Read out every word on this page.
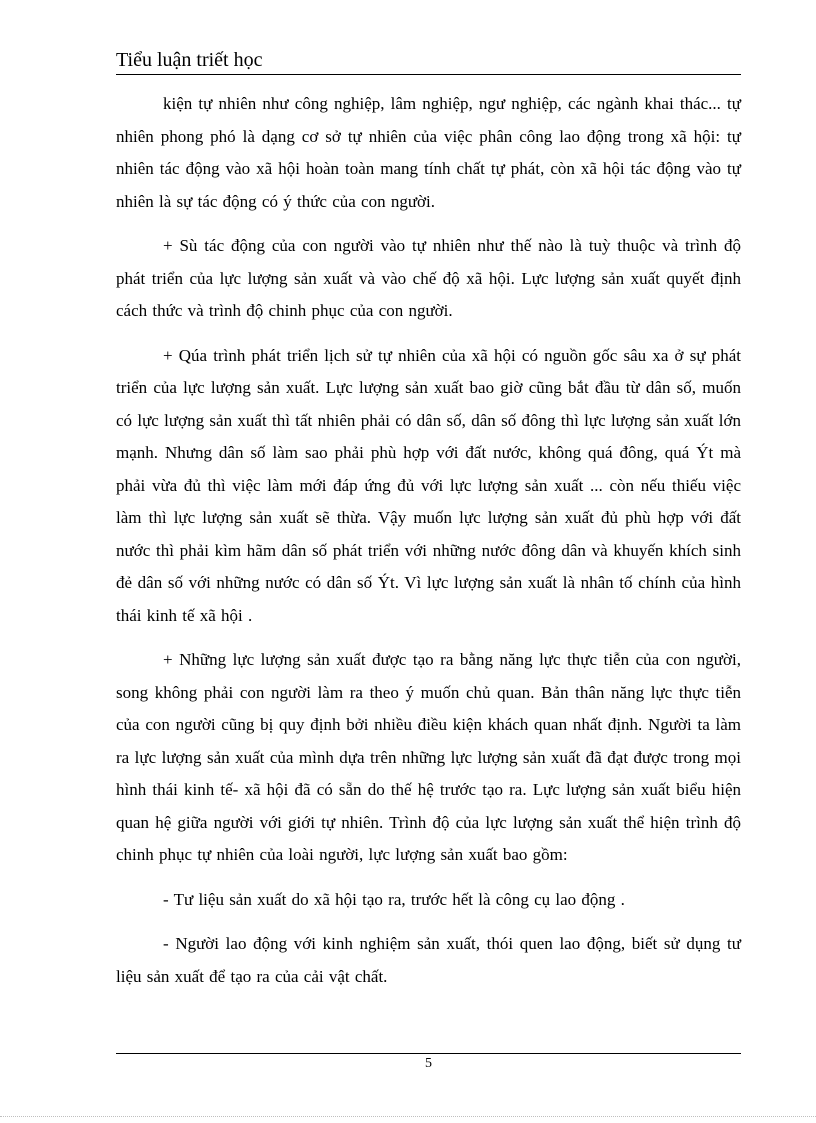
Tiểu luận triết học

kiện tự nhiên như công nghiệp, lâm nghiệp, ngư nghiệp, các ngành khai thác... tự nhiên phong phó là dạng cơ sở tự nhiên của việc phân công lao động trong xã hội: tự nhiên tác động vào xã hội hoàn toàn mang tính chất tự phát, còn xã hội tác động vào tự nhiên là sự tác động có ý thức của con người.

+ Sù tác động của con người vào tự nhiên như thế nào là tuỳ thuộc và trình độ phát triển của lực lượng sản xuất và vào chế độ xã hội. Lực lượng sản xuất quyết định cách thức và trình độ chinh phục của con người.

+ Qúa trình phát triển lịch sử tự nhiên của xã hội có nguồn gốc sâu xa ở sự phát triển của lực lượng sản xuất. Lực lượng sản xuất bao giờ cũng bắt đầu từ dân số, muốn có lực lượng sản xuất thì tất nhiên phải có dân số, dân số đông thì lực lượng sản xuất lớn mạnh. Nhưng dân số làm sao phải phù hợp với đất nước, không quá đông, quá Ýt mà phải vừa đủ thì việc làm mới đáp ứng đủ với lực lượng sản xuất ... còn nếu thiếu việc làm thì lực lượng sản xuất sẽ thừa. Vậy muốn lực lượng sản xuất đủ phù hợp với đất nước thì phải kìm hãm dân số phát triển với những nước đông dân và khuyến khích sinh đẻ dân số với những nước có dân số Ýt. Vì lực lượng sản xuất là nhân tố chính của hình thái kinh tế xã hội .

+ Những lực lượng sản xuất được tạo ra bằng năng lực thực tiễn của con người, song không phải con người làm ra theo ý muốn chủ quan. Bản thân năng lực thực tiễn của con người cũng bị quy định bởi nhiều điều kiện khách quan nhất định. Người ta làm ra lực lượng sản xuất của mình dựa trên những lực lượng sản xuất đã đạt được trong mọi hình thái kinh tế- xã hội đã có sẵn do thế hệ trước tạo ra. Lực lượng sản xuất biểu hiện quan hệ giữa người với giới tự nhiên. Trình độ của lực lượng sản xuất thể hiện trình độ chinh phục tự nhiên của loài người, lực lượng sản xuất bao gồm:

- Tư liệu sản xuất do xã hội tạo ra, trước hết là công cụ lao động .

- Người lao động với kinh nghiệm sản xuất, thói quen lao động, biết sử dụng tư liệu sản xuất để tạo ra của cải vật chất.

5
